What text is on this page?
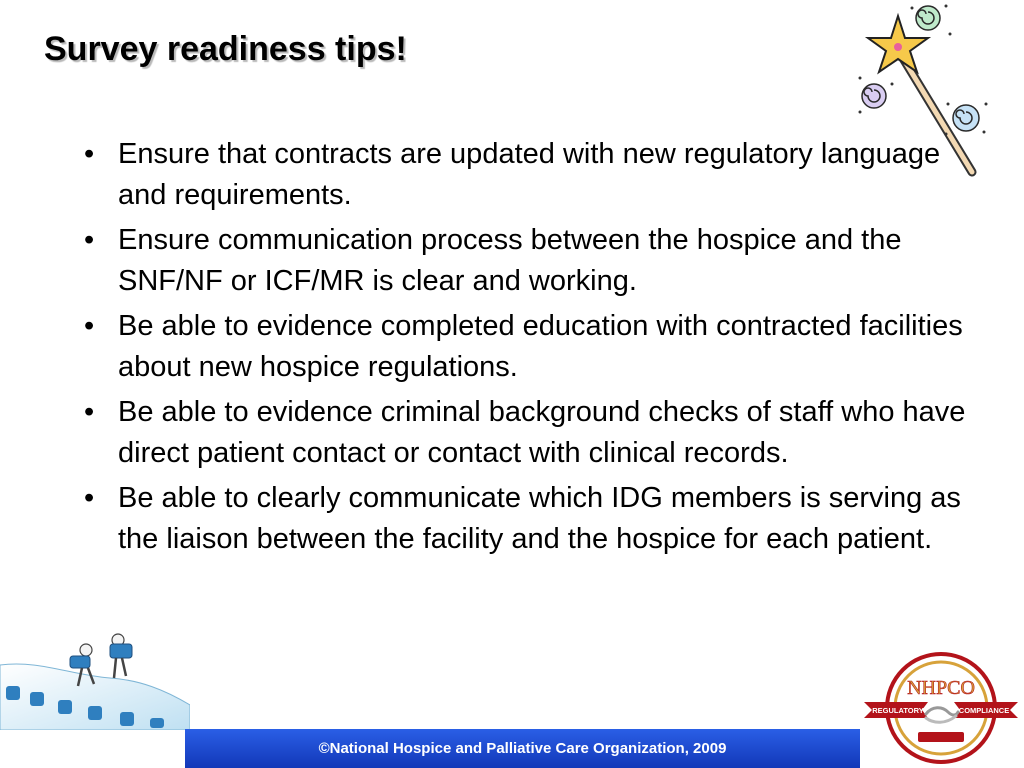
Survey readiness tips!
• Ensure that contracts are updated with new regulatory language and requirements.
• Ensure communication process between the hospice and the SNF/NF or ICF/MR is clear and working.
• Be able to evidence completed education with contracted facilities about new hospice regulations.
• Be able to evidence criminal background checks of staff who have direct patient contact or contact with clinical records.
• Be able to clearly communicate which IDG members is serving as the liaison between the facility and the hospice for each patient.
©National Hospice and Palliative Care Organization, 2009
NHPCO
REGULATORY	COMPLIANCE
